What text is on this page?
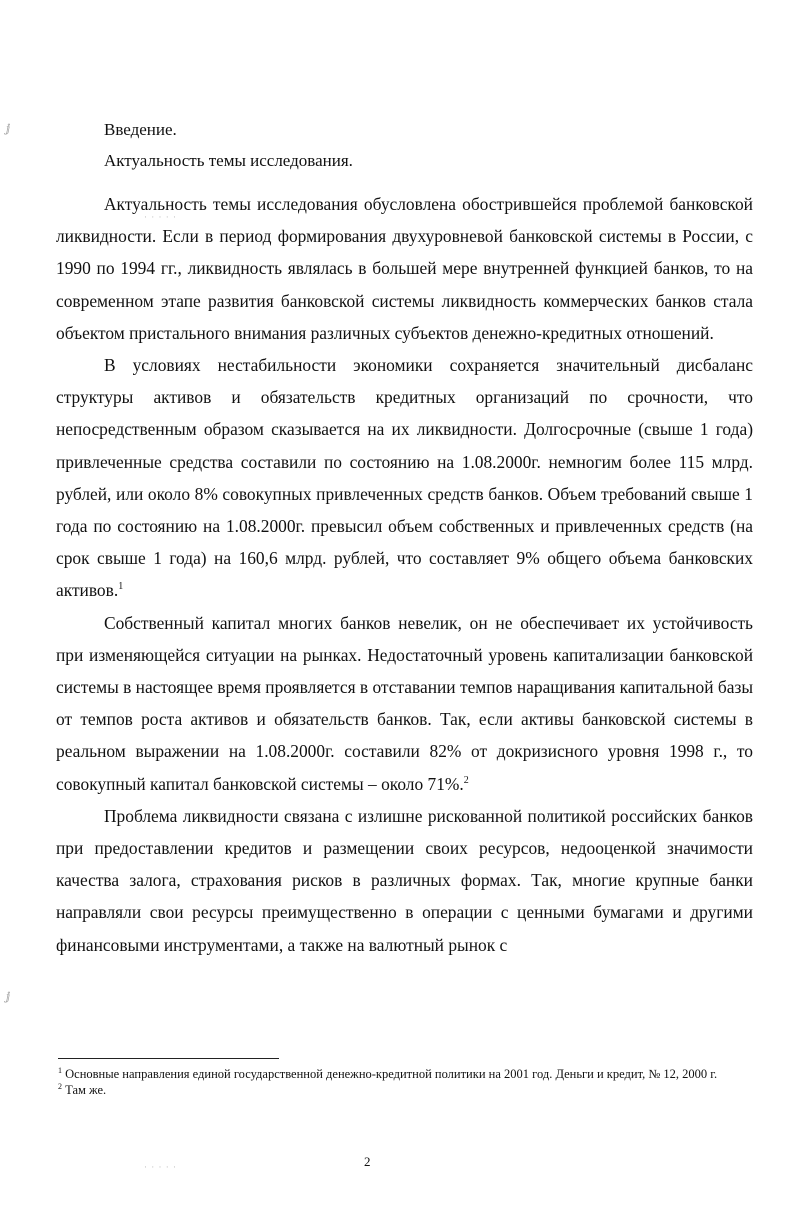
ⅉ
ⅉ
· · · · ·
· · · · ·
Введение.
Актуальность темы исследования.

Актуальность темы исследования обусловлена обострившейся проблемой банковской ликвидности. Если в период формирования двухуровневой банковской системы в России, с 1990 по 1994 гг., ликвидность являлась в большей мере внутренней функцией банков, то на современном этапе развития банковской системы ликвидность коммерческих банков стала объектом пристального внимания различных субъектов денежно-кредитных отношений.

В условиях нестабильности экономики сохраняется значительный дисбаланс структуры активов и обязательств кредитных организаций по срочности, что непосредственным образом сказывается на их ликвидности. Долгосрочные (свыше 1 года) привлеченные средства составили по состоянию на 1.08.2000г. немногим более 115 млрд. рублей, или около 8% совокупных привлеченных средств банков. Объем требований свыше 1 года по состоянию на 1.08.2000г. превысил объем собственных и привлеченных средств (на срок свыше 1 года) на 160,6 млрд. рублей, что составляет 9% общего объема банковских активов.$^1$

Собственный капитал многих банков невелик, он не обеспечивает их устойчивость при изменяющейся ситуации на рынках. Недостаточный уровень капитализации банковской системы в настоящее время проявляется в отставании темпов наращивания капитальной базы от темпов роста активов и обязательств банков. Так, если активы банковской системы в реальном выражении на 1.08.2000г. составили 82% от докризисного уровня 1998 г., то совокупный капитал банковской системы – около 71%.$^2$

Проблема ликвидности связана с излишне рискованной политикой российских банков при предоставлении кредитов и размещении своих ресурсов, недооценкой значимости качества залога, страхования рисков в различных формах. Так, многие крупные банки направляли свои ресурсы преимущественно в операции с ценными бумагами и другими финансовыми инструментами, а также на валютный рынок с

$^1$ Основные направления единой государственной денежно-кредитной политики на 2001 год. Деньги и кредит, № 12, 2000 г.

$^2$ Там же.

2
